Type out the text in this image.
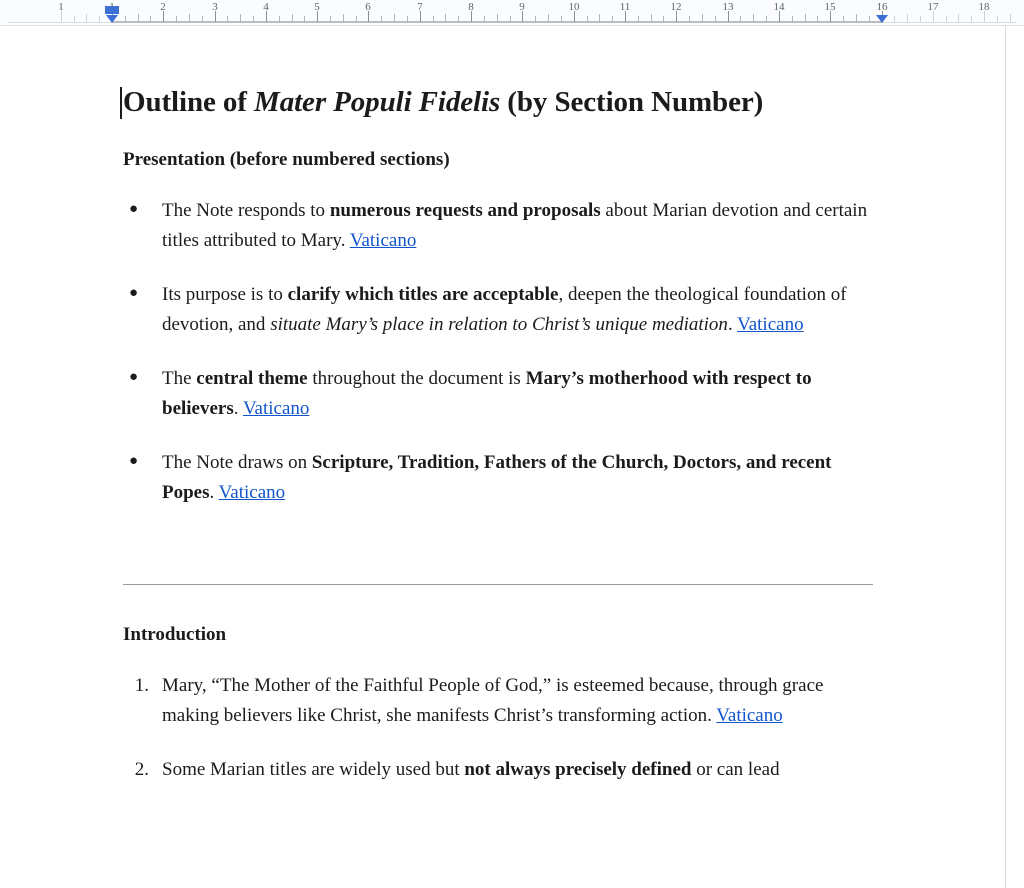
1	2	3	4	5	6	7	8	9	10	11	12	13	14	15	16	17	18
Outline of Mater Populi Fidelis (by Section Number)
Presentation (before numbered sections)
●	The Note responds to numerous requests and proposals about Marian devotion and certain titles attributed to Mary. Vaticano
●	Its purpose is to clarify which titles are acceptable, deepen the theological foundation of devotion, and situate Mary’s place in relation to Christ’s unique mediation. Vaticano
●	The central theme throughout the document is Mary’s motherhood with respect to believers. Vaticano
●	The Note draws on Scripture, Tradition, Fathers of the Church, Doctors, and recent Popes. Vaticano
Introduction
1. Mary, “The Mother of the Faithful People of God,” is esteemed because, through grace making believers like Christ, she manifests Christ’s transforming action. Vaticano
2. Some Marian titles are widely used but not always precisely defined or can lead
